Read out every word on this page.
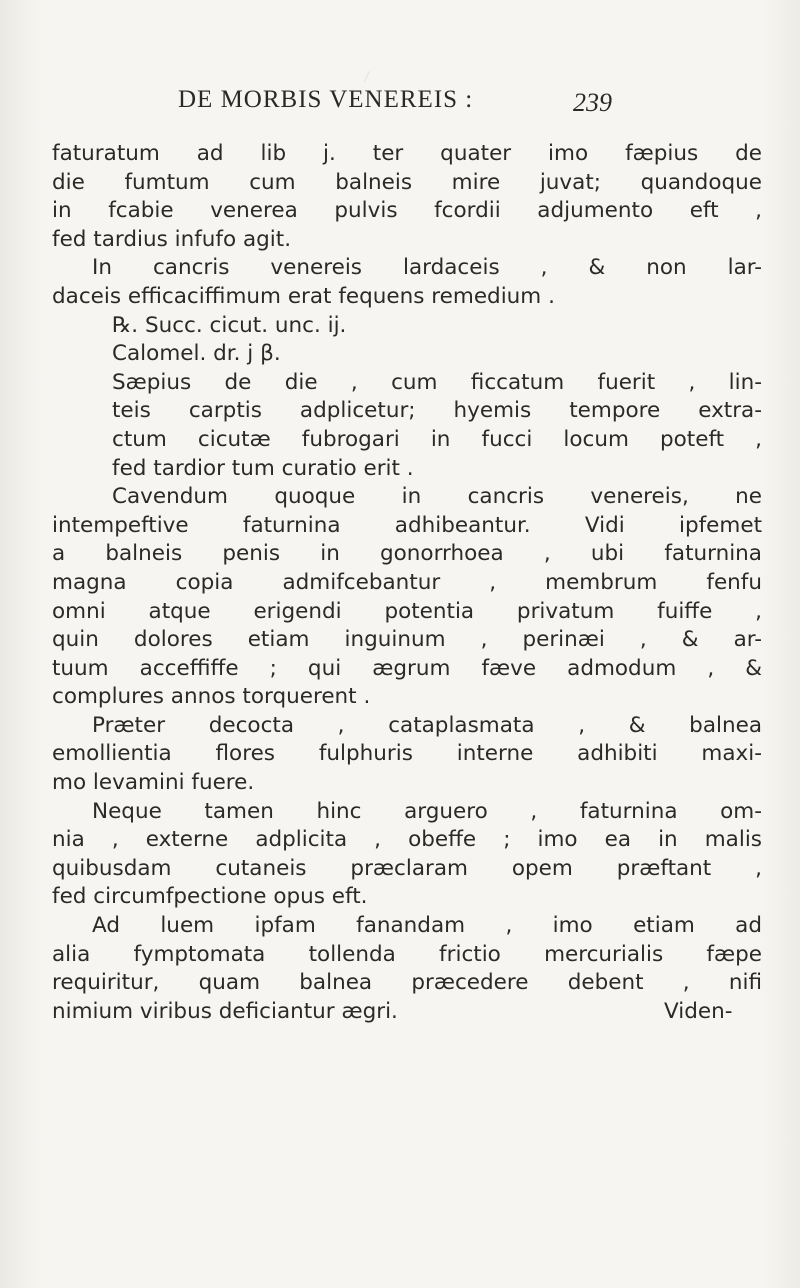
DE MORBIS VENEREIS :	239
faturatum ad lib j. ter quater imo fæpius de
die fumtum cum balneis mire juvat; quandoque
in fcabie venerea pulvis fcordii adjumento eft ,
fed tardius infufo agit.
In cancris venereis lardaceis , & non lar-
daceis efficaciffimum erat fequens remedium .
℞. Succ. cicut. unc. ij.
Calomel. dr. j β.
Sæpius de die , cum ficcatum fuerit , lin-
teis carptis adplicetur; hyemis tempore extra-
ctum cicutæ fubrogari in fucci locum poteft ,
fed tardior tum curatio erit .
Cavendum quoque in cancris venereis, ne
intempeftive faturnina adhibeantur. Vidi ipfemet
a balneis penis in gonorrhoea , ubi faturnina
magna copia admifcebantur , membrum fenfu
omni atque erigendi potentia privatum fuiffe ,
quin dolores etiam inguinum , perinæi , & ar-
tuum acceffiffe ; qui ægrum fæve admodum , &
complures annos torquerent .
Præter decocta , cataplasmata , & balnea
emollientia flores fulphuris interne adhibiti maxi-
mo levamini fuere.
Neque tamen hinc arguero , faturnina om-
nia , externe adplicita , obeffe ; imo ea in malis
quibusdam cutaneis præclaram opem præftant ,
fed circumfpectione opus eft.
Ad luem ipfam fanandam , imo etiam ad
alia fymptomata tollenda frictio mercurialis fæpe
requiritur, quam balnea præcedere debent , nifi
nimium viribus deficiantur ægri.	Viden-
